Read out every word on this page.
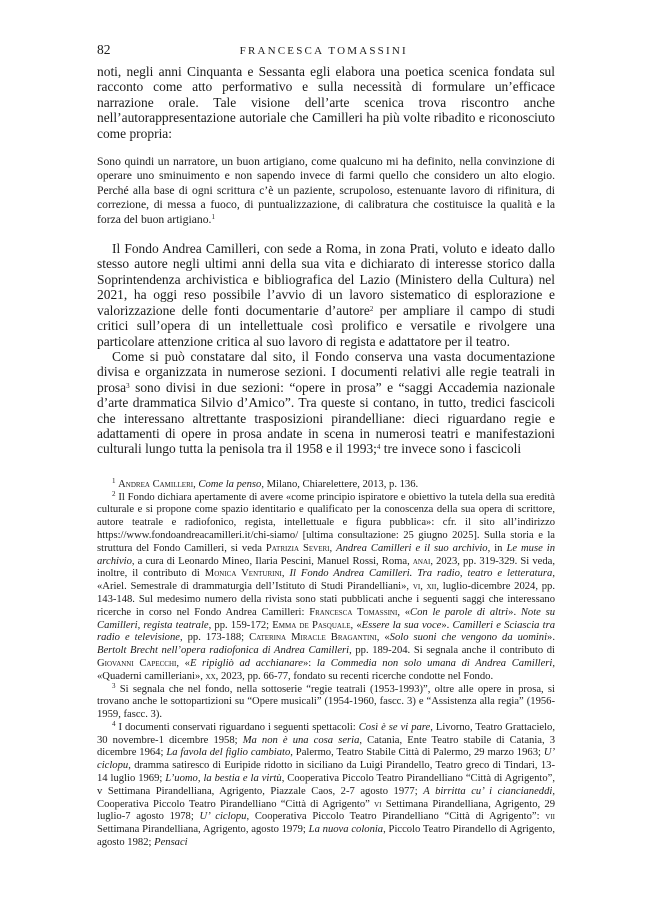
82	FRANCESCA TOMASSINI

noti, negli anni Cinquanta e Sessanta egli elabora una poetica scenica fondata sul racconto come atto performativo e sulla necessità di formulare un’efficace narrazione orale. Tale visione dell’arte scenica trova riscontro anche nell’autorappresentazione autoriale che Camilleri ha più volte ribadito e riconosciuto come propria:

Sono quindi un narratore, un buon artigiano, come qualcuno mi ha definito, nella convinzione di operare uno sminuimento e non sapendo invece di farmi quello che considero un alto elogio. Perché alla base di ogni scrittura c’è un paziente, scrupoloso, estenuante lavoro di rifinitura, di correzione, di messa a fuoco, di puntualizzazione, di calibratura che costituisce la qualità e la forza del buon artigiano.$^1$

Il Fondo Andrea Camilleri, con sede a Roma, in zona Prati, voluto e ideato dallo stesso autore negli ultimi anni della sua vita e dichiarato di interesse storico dalla Soprintendenza archivistica e bibliografica del Lazio (Ministero della Cultura) nel 2021, ha oggi reso possibile l’avvio di un lavoro sistematico di esplorazione e valorizzazione delle fonti documentarie d’autore$^2$ per ampliare il campo di studi critici sull’opera di un intellettuale così prolifico e versatile e rivolgere una particolare attenzione critica al suo lavoro di regista e adattatore per il teatro.

Come si può constatare dal sito, il Fondo conserva una vasta documentazione divisa e organizzata in numerose sezioni. I documenti relativi alle regie teatrali in prosa$^3$ sono divisi in due sezioni: “opere in prosa” e “saggi Accademia nazionale d’arte drammatica Silvio d’Amico”. Tra queste si contano, in tutto, tredici fascicoli che interessano altrettante trasposizioni pirandelliane: dieci riguardano regie e adattamenti di opere in prosa andate in scena in numerosi teatri e manifestazioni culturali lungo tutta la penisola tra il 1958 e il 1993;$^4$ tre invece sono i fascicoli

$^1$ Andrea Camilleri, Come la penso, Milano, Chiarelettere, 2013, p. 136.

$^2$ Il Fondo dichiara apertamente di avere «come principio ispiratore e obiettivo la tutela della sua eredità culturale e si propone come spazio identitario e qualificato per la conoscenza della sua opera di scrittore, autore teatrale e radiofonico, regista, intellettuale e figura pubblica»: cfr. il sito all’indirizzo https://www.fondoandreacamilleri.it/chi-siamo/ [ultima consultazione: 25 giugno 2025]. Sulla storia e la struttura del Fondo Camilleri, si veda Patrizia Severi, Andrea Camilleri e il suo archivio, in Le muse in archivio, a cura di Leonardo Mineo, Ilaria Pescini, Manuel Rossi, Roma, anai, 2023, pp. 319-329. Si veda, inoltre, il contributo di Monica Venturini, Il Fondo Andrea Camilleri. Tra radio, teatro e letteratura, «Ariel. Semestrale di drammaturgia dell’Istituto di Studi Pirandelliani», vi, xii, luglio-dicembre 2024, pp. 143-148. Sul medesimo numero della rivista sono stati pubblicati anche i seguenti saggi che interessano ricerche in corso nel Fondo Andrea Camilleri: Francesca Tomassini, «Con le parole di altri». Note su Camilleri, regista teatrale, pp. 159-172; Emma de Pasquale, «Essere la sua voce». Camilleri e Sciascia tra radio e televisione, pp. 173-188; Caterina Miracle Bragantini, «Solo suoni che vengono da uomini». Bertolt Brecht nell’opera radiofonica di Andrea Camilleri, pp. 189-204. Si segnala anche il contributo di Giovanni Capecchi, «E ripigliò ad acchianare»: la Commedia non solo umana di Andrea Camilleri, «Quaderni camilleriani», xx, 2023, pp. 66-77, fondato su recenti ricerche condotte nel Fondo.

$^3$ Si segnala che nel fondo, nella sottoserie “regie teatrali (1953-1993)”, oltre alle opere in prosa, si trovano anche le sottopartizioni su “Opere musicali” (1954-1960, fascc. 3) e “Assistenza alla regia” (1956-1959, fascc. 3).

$^4$ I documenti conservati riguardano i seguenti spettacoli: Così è se vi pare, Livorno, Teatro Grattacielo, 30 novembre-1 dicembre 1958; Ma non è una cosa seria, Catania, Ente Teatro stabile di Catania, 3 dicembre 1964; La favola del figlio cambiato, Palermo, Teatro Stabile Città di Palermo, 29 marzo 1963; U’ ciclopu, dramma satiresco di Euripide ridotto in siciliano da Luigi Pirandello, Teatro greco di Tindari, 13-14 luglio 1969; L’uomo, la bestia e la virtù, Cooperativa Piccolo Teatro Pirandelliano “Città di Agrigento”, v Settimana Pirandelliana, Agrigento, Piazzale Caos, 2-7 agosto 1977; A birritta cu’ i ciancianeddi, Cooperativa Piccolo Teatro Pirandelliano “Città di Agrigento” vi Settimana Pirandelliana, Agrigento, 29 luglio-7 agosto 1978; U’ ciclopu, Cooperativa Piccolo Teatro Pirandelliano “Città di Agrigento”: vii Settimana Pirandelliana, Agrigento, agosto 1979; La nuova colonia, Piccolo Teatro Pirandello di Agrigento, agosto 1982; Pensaci
